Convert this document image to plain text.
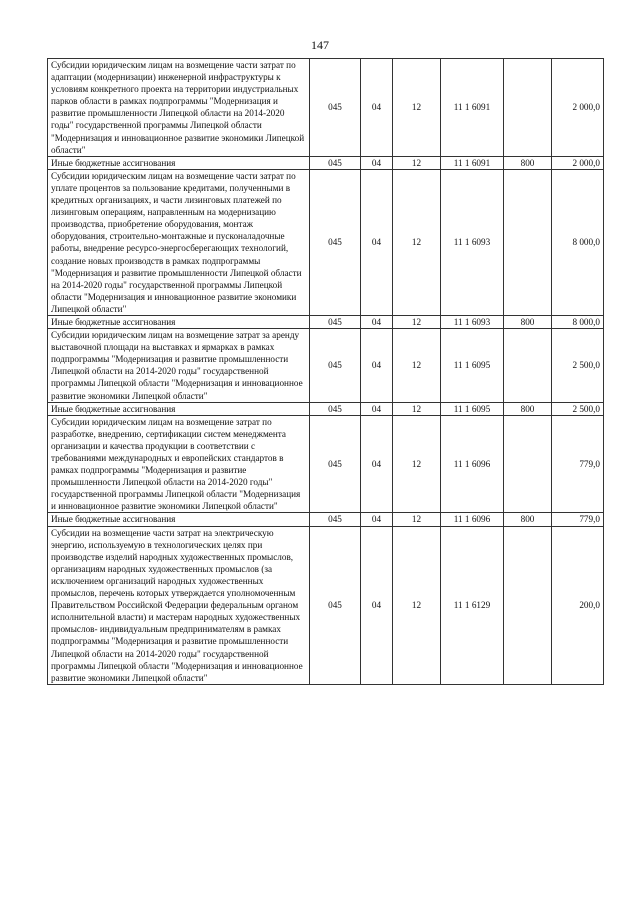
147
Субсидии юридическим лицам на возмещение части затрат по адаптации (модернизации) инженерной инфраструктуры к условиям конкретного проекта на территории индустриальных парков области в рамках подпрограммы "Модернизация и развитие промышленности Липецкой области на 2014-2020 годы" государственной программы Липецкой области "Модернизация и инновационное развитие экономики Липецкой области"	045	04	12	11 1 6091		2 000,0
Иные бюджетные ассигнования	045	04	12	11 1 6091	800	2 000,0
Субсидии юридическим лицам на возмещение части затрат по уплате процентов за пользование кредитами, полученными в кредитных организациях, и части лизинговых платежей по лизинговым операциям, направленным на модернизацию производства, приобретение оборудования, монтаж оборудования, строительно-монтажные и пусконаладочные работы, внедрение ресурсо-энергосберегающих технологий, создание новых производств в рамках подпрограммы "Модернизация и развитие промышленности Липецкой области на 2014-2020 годы" государственной программы Липецкой области "Модернизация и инновационное развитие экономики Липецкой области"	045	04	12	11 1 6093		8 000,0
Иные бюджетные ассигнования	045	04	12	11 1 6093	800	8 000,0
Субсидии юридическим лицам на возмещение затрат за аренду выставочной площади на выставках и ярмарках в рамках подпрограммы "Модернизация и развитие промышленности Липецкой области на 2014-2020 годы" государственной программы Липецкой области "Модернизация и инновационное развитие экономики Липецкой области"	045	04	12	11 1 6095		2 500,0
Иные бюджетные ассигнования	045	04	12	11 1 6095	800	2 500,0
Субсидии юридическим лицам на возмещение затрат по разработке, внедрению, сертификации систем менеджмента организации и качества продукции в соответствии с требованиями международных и европейских стандартов в рамках подпрограммы "Модернизация и развитие промышленности Липецкой области на 2014-2020 годы" государственной программы Липецкой области "Модернизация и инновационное развитие экономики Липецкой области"	045	04	12	11 1 6096		779,0
Иные бюджетные ассигнования	045	04	12	11 1 6096	800	779,0
Субсидии на возмещение части затрат на электрическую энергию, используемую в технологических целях при производстве изделий народных художественных промыслов, организациям народных художественных промыслов (за исключением организаций народных художественных промыслов, перечень которых утверждается уполномоченным Правительством Российской Федерации федеральным органом исполнительной власти) и мастерам народных художественных промыслов- индивидуальным предпринимателям в рамках подпрограммы "Модернизация и развитие промышленности Липецкой области на 2014-2020 годы" государственной программы Липецкой области "Модернизация и инновационное развитие экономики Липецкой области"	045	04	12	11 1 6129		200,0
